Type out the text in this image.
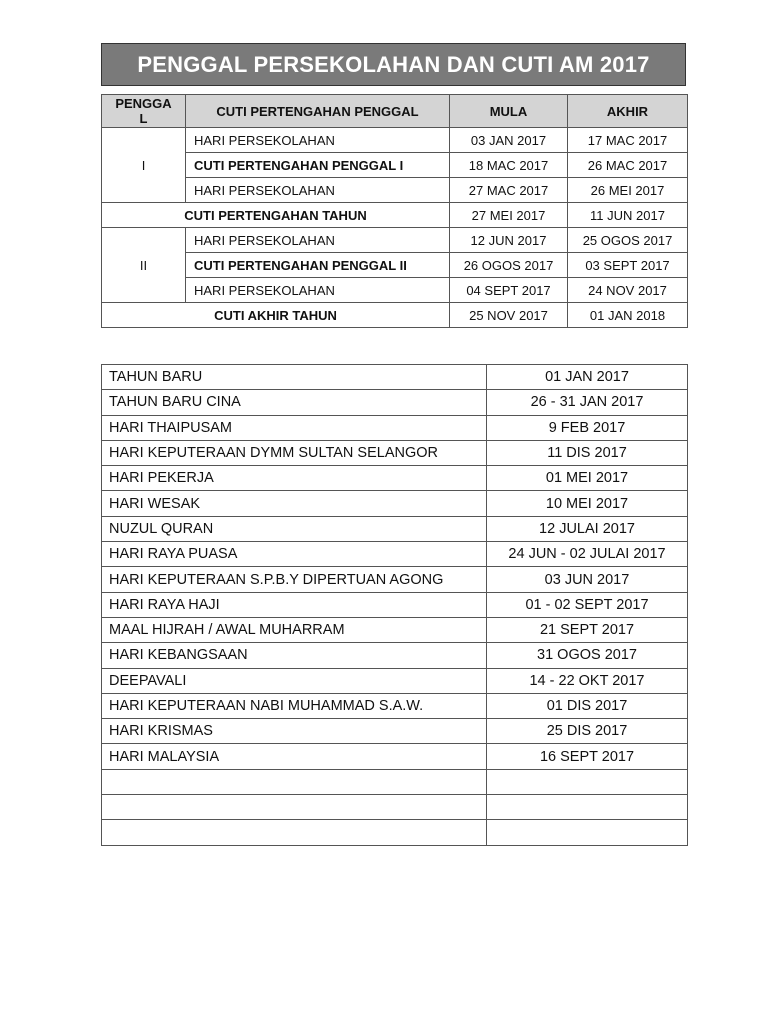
PENGGAL PERSEKOLAHAN DAN CUTI AM 2017
PENGGAL	CUTI PERTENGAHAN PENGGAL	MULA	AKHIR
I	HARI PERSEKOLAHAN	03 JAN 2017	17 MAC 2017
	CUTI PERTENGAHAN PENGGAL I	18 MAC 2017	26 MAC 2017
	HARI PERSEKOLAHAN	27 MAC 2017	26 MEI 2017
CUTI PERTENGAHAN TAHUN		27 MEI 2017	11 JUN 2017
II	HARI PERSEKOLAHAN	12 JUN 2017	25 OGOS 2017
	CUTI PERTENGAHAN PENGGAL II	26 OGOS 2017	03 SEPT 2017
	HARI PERSEKOLAHAN	04 SEPT 2017	24 NOV 2017
CUTI AKHIR TAHUN		25 NOV 2017	01 JAN 2018
TAHUN BARU	01 JAN 2017
TAHUN BARU CINA	26 - 31 JAN 2017
HARI THAIPUSAM	9 FEB 2017
HARI KEPUTERAAN DYMM SULTAN SELANGOR	11 DIS 2017
HARI PEKERJA	01 MEI 2017
HARI WESAK	10 MEI 2017
NUZUL QURAN	12 JULAI 2017
HARI RAYA PUASA	24 JUN - 02 JULAI 2017
HARI KEPUTERAAN S.P.B.Y DIPERTUAN AGONG	03 JUN 2017
HARI RAYA HAJI	01 - 02 SEPT 2017
MAAL HIJRAH / AWAL MUHARRAM	21 SEPT 2017
HARI KEBANGSAAN	31 OGOS 2017
DEEPAVALI	14 - 22 OKT 2017
HARI KEPUTERAAN NABI MUHAMMAD S.A.W.	01 DIS 2017
HARI KRISMAS	25 DIS 2017
HARI MALAYSIA	16 SEPT 2017
